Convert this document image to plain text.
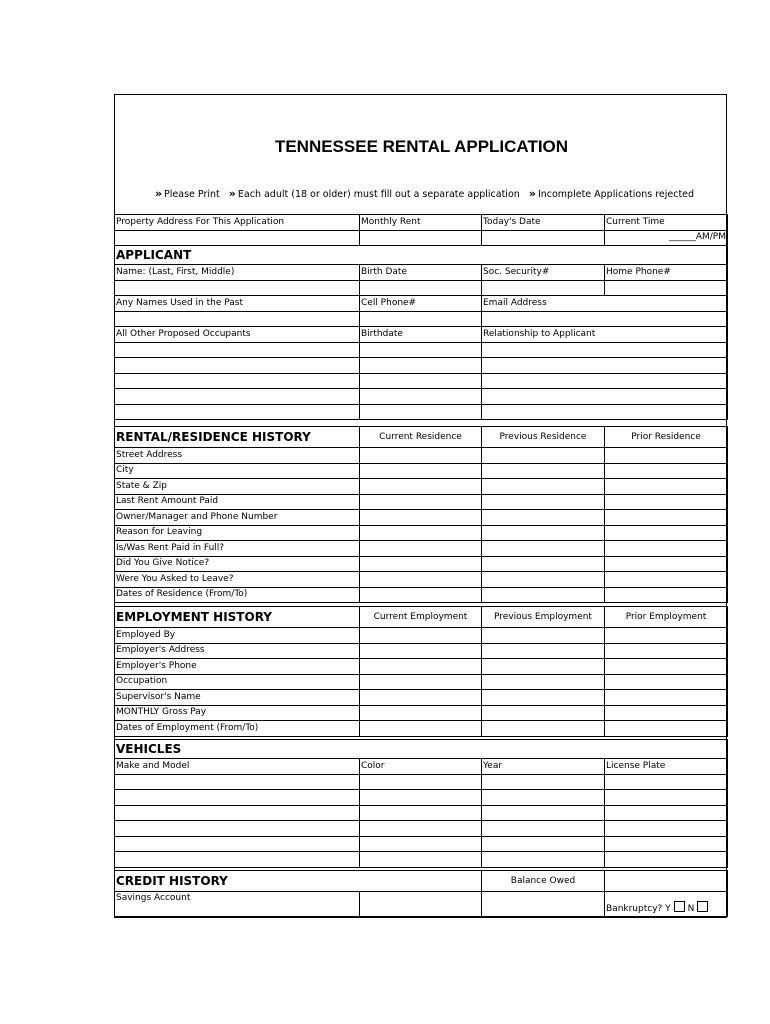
TENNESSEE RENTAL APPLICATION
» Please Print » Each adult (18 or older) must fill out a separate application » Incomplete Applications rejected
Property Address For This Application	Monthly Rent	Today's Date	Current Time
			______AM/PM
APPLICANT			
Name: (Last, First, Middle)	Birth Date	Soc. Security#	Home Phone#

Any Names Used in the Past	Cell Phone#	Email Address	

All Other Proposed Occupants	Birthdate	Relationship to Applicant	

RENTAL/RESIDENCE HISTORY	Current Residence	Previous Residence	Prior Residence
Street Address			
City			
State & Zip			
Last Rent Amount Paid			
Owner/Manager and Phone Number			
Reason for Leaving			
Is/Was Rent Paid in Full?			
Did You Give Notice?			
Were You Asked to Leave?			
Dates of Residence (From/To)			
EMPLOYMENT HISTORY	Current Employment	Previous Employment	Prior Employment
Employed By			
Employer's Address			
Employer's Phone			
Occupation			
Supervisor's Name			
MONTHLY Gross Pay			
Dates of Employment (From/To)			
VEHICLES			
Make and Model	Color	Year	License Plate

CREDIT HISTORY		Balance Owed	
Savings Account			Bankruptcy? Y N
